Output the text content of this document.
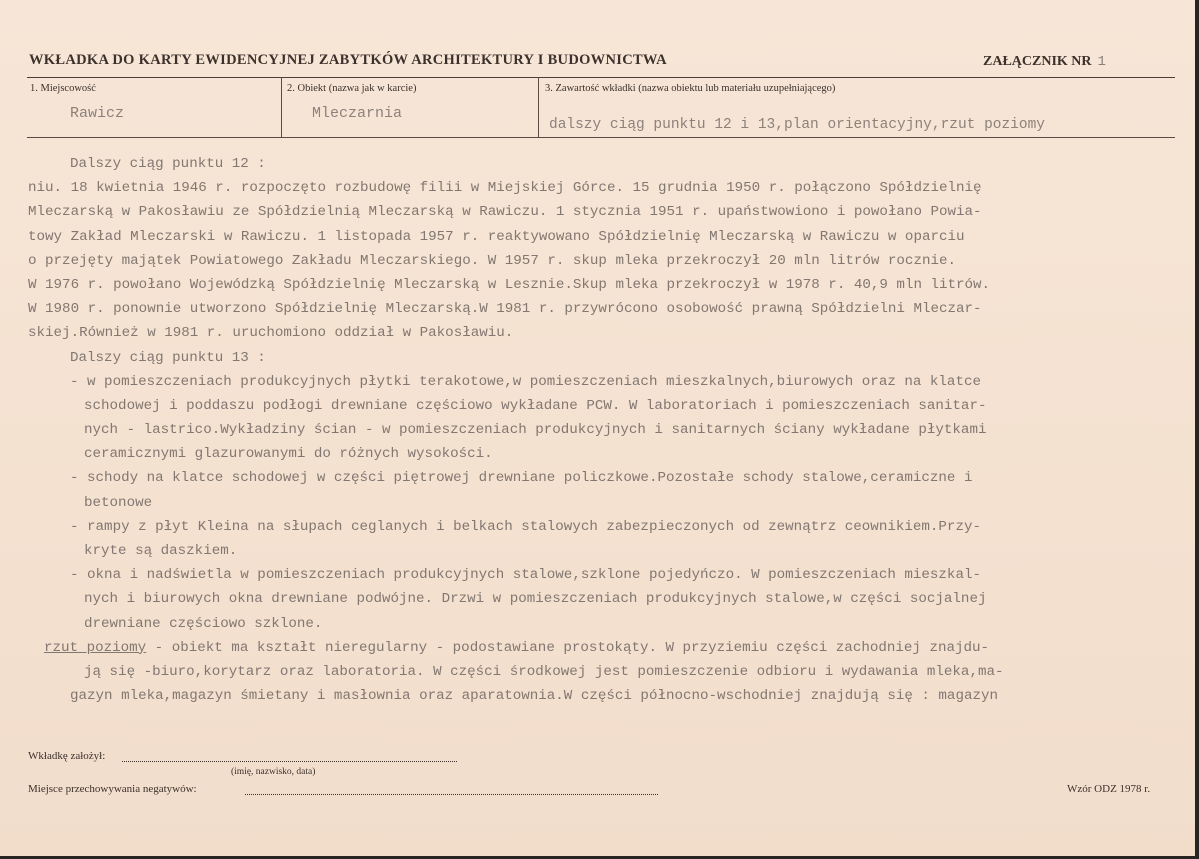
WKŁADKA DO KARTY EWIDENCYJNEJ ZABYTKÓW ARCHITEKTURY I BUDOWNICTWA	ZAŁĄCZNIK NR 1
1. Miejscowość
Rawicz
2. Obiekt (nazwa jak w karcie)
Mleczarnia
3. Zawartość wkładki (nazwa obiektu lub materiału uzupełniającego)
dalszy ciąg punktu 12 i 13,plan orientacyjny,rzut poziomy
Dalszy ciąg punktu 12 :
niu. 18 kwietnia 1946 r. rozpoczęto rozbudowę filii w Miejskiej Górce. 15 grudnia 1950 r. połączono Spółdzielnię
Mleczarską w Pakosławiu ze Spółdzielnią Mleczarską w Rawiczu. 1 stycznia 1951 r. upaństwowiono i powołano Powia-
towy Zakład Mleczarski w Rawiczu. 1 listopada 1957 r. reaktywowano Spółdzielnię Mleczarską w Rawiczu w oparciu
o przejęty majątek Powiatowego Zakładu Mleczarskiego. W 1957 r. skup mleka przekroczył 20 mln litrów rocznie.
W 1976 r. powołano Wojewódzką Spółdzielnię Mleczarską w Lesznie.Skup mleka przekroczył w 1978 r. 40,9 mln litrów.
W 1980 r. ponownie utworzono Spółdzielnię Mleczarską.W 1981 r. przywrócono osobowość prawną Spółdzielni Mleczar-
skiej.Również w 1981 r. uruchomiono oddział w Pakosławiu.
Dalszy ciąg punktu 13 :
- w pomieszczeniach produkcyjnych płytki terakotowe,w pomieszczeniach mieszkalnych,biurowych oraz na klatce
schodowej i poddaszu podłogi drewniane częściowo wykładane PCW. W laboratoriach i pomieszczeniach sanitar-
nych - lastrico.Wykładziny ścian - w pomieszczeniach produkcyjnych i sanitarnych ściany wykładane płytkami
ceramicznymi glazurowanymi do różnych wysokości.
- schody na klatce schodowej w części piętrowej drewniane policzkowe.Pozostałe schody stalowe,ceramiczne i
betonowe
- rampy z płyt Kleina na słupach ceglanych i belkach stalowych zabezpieczonych od zewnątrz ceownikiem.Przy-
kryte są daszkiem.
- okna i nadświetla w pomieszczeniach produkcyjnych stalowe,szklone pojedyńczo. W pomieszczeniach mieszkal-
nych i biurowych okna drewniane podwójne. Drzwi w pomieszczeniach produkcyjnych stalowe,w części socjalnej
drewniane częściowo szklone.
rzut poziomy - obiekt ma kształt nieregularny - podostawiane prostokąty. W przyziemiu części zachodniej znajdu-
ją się -biuro,korytarz oraz laboratoria. W części środkowej jest pomieszczenie odbioru i wydawania mleka,ma-
gazyn mleka,magazyn śmietany i masłownia oraz aparatownia.W części północno-wschodniej znajdują się : magazyn
Wkładkę założył:
(imię, nazwisko, data)
Miejsce przechowywania negatywów:	Wzór ODZ 1978 r.
